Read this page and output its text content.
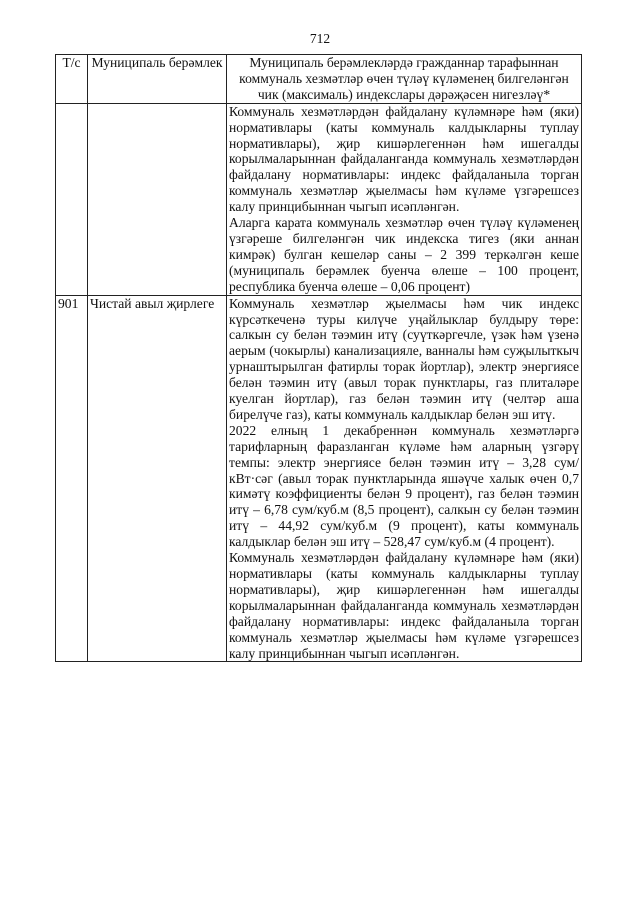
712
Т/с	Муниципаль берәмлек	Муниципаль берәмлекләрдә гражданнар тарафыннан коммуналь хезмәтләр өчен түләү күләменең билгеләнгән чик (максималь) индекслары дәрәҗәсен нигезләү*

		Коммуналь хезмәтләрдән файдалану күләмнәре һәм (яки) нормативлары (каты коммуналь калдыкларны туплау нормативлары), җир кишәрлегеннән һәм ишегалды корылмаларыннан файдаланганда коммуналь хезмәтләрдән файдалану нормативлары: индекс файдаланыла торган коммуналь хезмәтләр җыелмасы һәм күләме үзгәрешсез калу принцибыннан чыгып исәпләнгән.

Аларга карата коммуналь хезмәтләр өчен түләү күләменең үзгәреше билгеләнгән чик индекска тигез (яки аннан кимрәк) булган кешеләр саны – 2 399 теркәлгән кеше (муниципаль берәмлек буенча өлеше – 100 процент, республика буенча өлеше – 0,06 процент)

901	Чистай авыл җирлеге	Коммуналь хезмәтләр җыелмасы һәм чик индекс күрсәткеченә туры килүче уңайлыклар булдыру төре: салкын су белән тәэмин итү (суүткәргечле, үзәк һәм үзенә аерым (чокырлы) канализацияле, ванналы һәм суҗылыткыч урнаштырылган фатирлы торак йортлар), электр энергиясе белән тәэмин итү (авыл торак пунктлары, газ плиталәре куелган йортлар), газ белән тәэмин итү (челтәр аша бирелүче газ), каты коммуналь калдыклар белән эш итү.

2022 елның 1 декабреннән коммуналь хезмәтләргә тарифларның фаразланган күләме һәм аларның үзгәрү темпы: электр энергиясе белән тәэмин итү – 3,28 сум/кВт·сәг (авыл торак пунктларында яшәүче халык өчен 0,7 кимәтү коэффициенты белән 9 процент), газ белән тәэмин итү – 6,78 сум/куб.м (8,5 процент), салкын су белән тәэмин итү – 44,92 сум/куб.м (9 процент), каты коммуналь калдыклар белән эш итү – 528,47 сум/куб.м (4 процент).

Коммуналь хезмәтләрдән файдалану күләмнәре һәм (яки) нормативлары (каты коммуналь калдыкларны туплау нормативлары), җир кишәрлегеннән һәм ишегалды корылмаларыннан файдаланганда коммуналь хезмәтләрдән файдалану нормативлары: индекс файдаланыла торган коммуналь хезмәтләр җыелмасы һәм күләме үзгәрешсез калу принцибыннан чыгып исәпләнгән.
